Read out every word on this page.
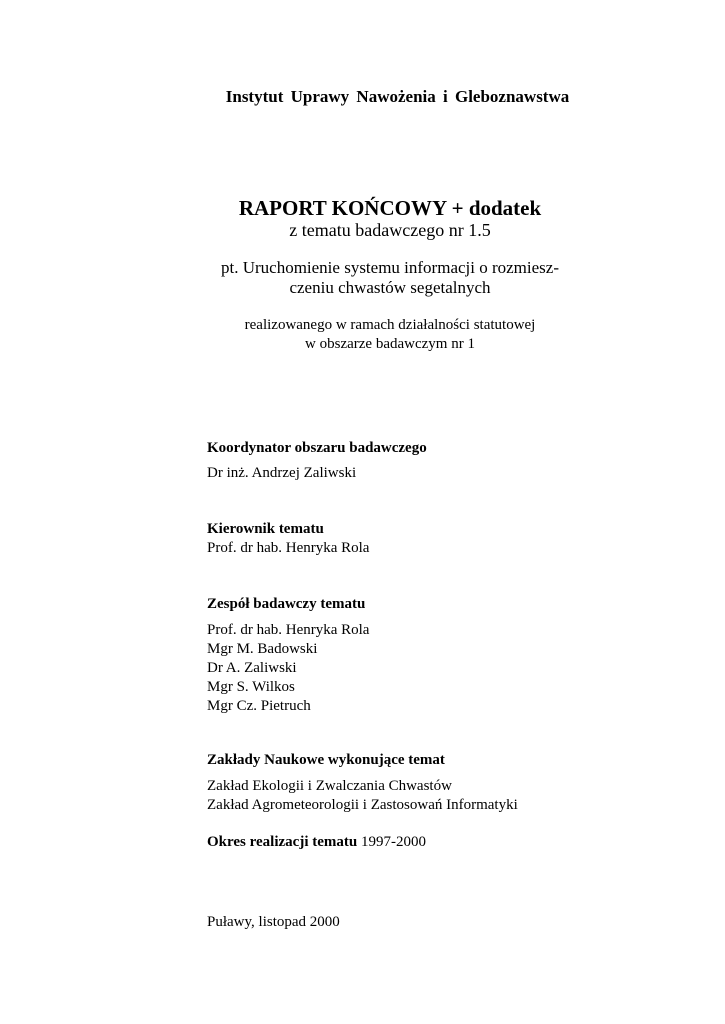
Instytut Uprawy Nawożenia i Gleboznawstwa
RAPORT KOŃCOWY + dodatek
z tematu badawczego nr 1.5
pt. Uruchomienie systemu informacji o rozmiesz-
czeniu chwastów segetalnych
realizowanego w ramach działalności statutowej
w obszarze badawczym nr 1
Koordynator obszaru badawczego
Dr inż. Andrzej Zaliwski
Kierownik tematu
Prof. dr hab. Henryka Rola
Zespół badawczy tematu
Prof. dr hab. Henryka Rola
Mgr M. Badowski
Dr A. Zaliwski
Mgr S. Wilkos
Mgr Cz. Pietruch
Zakłady Naukowe wykonujące temat
Zakład Ekologii i Zwalczania Chwastów
Zakład Agrometeorologii i Zastosowań Informatyki
Okres realizacji tematu 1997-2000
Puławy, listopad 2000
